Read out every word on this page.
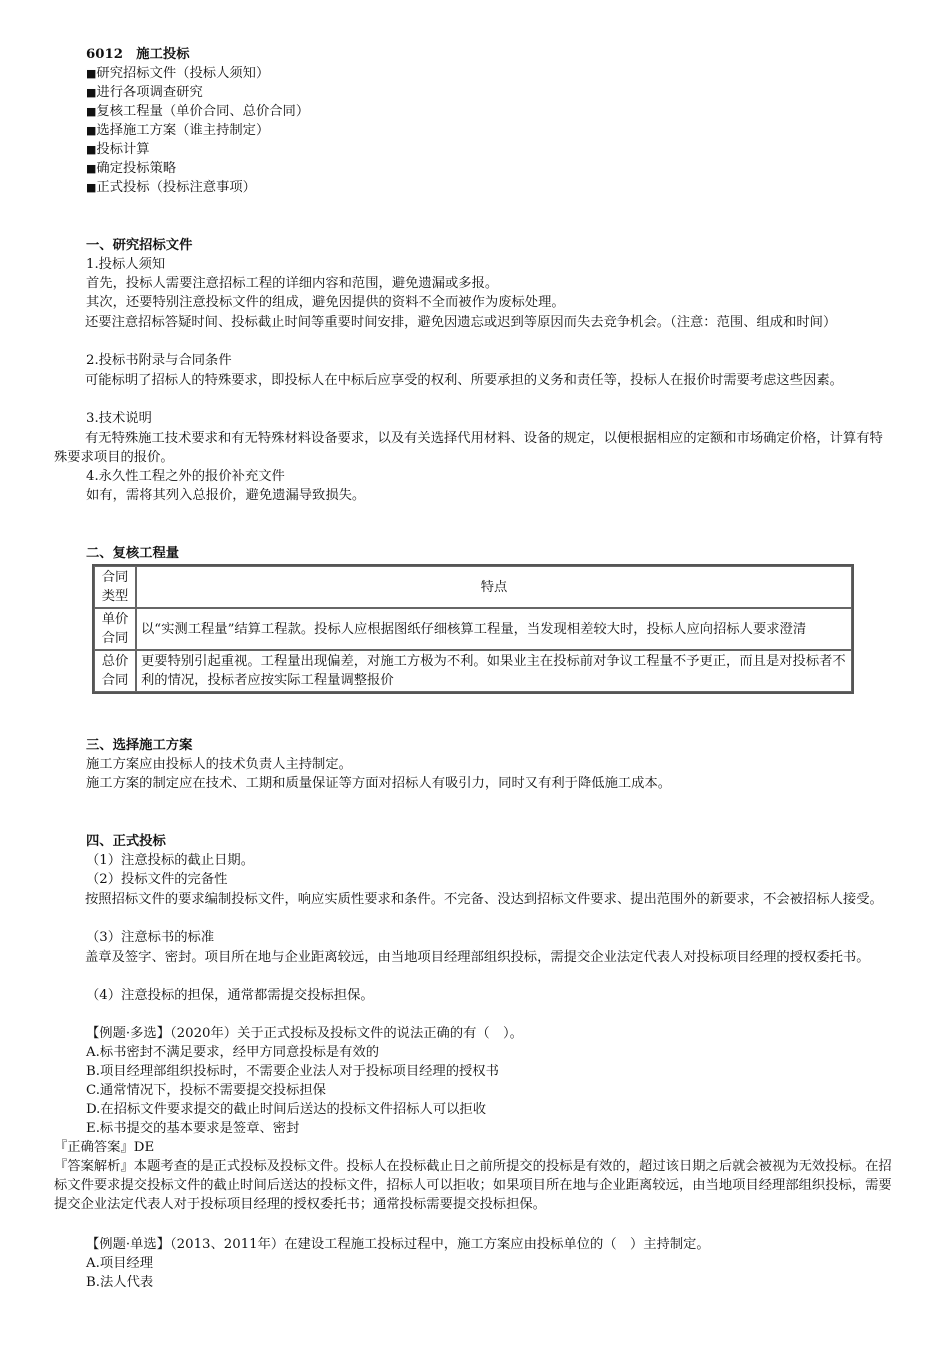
6012　施工投标
■ 研究招标文件（投标人须知）
■ 进行各项调查研究
■ 复核工程量（单价合同、总价合同）
■ 选择施工方案（谁主持制定）
■ 投标计算
■ 确定投标策略
■ 正式投标（投标注意事项）
一、研究招标文件
1.投标人须知
首先，投标人需要注意招标工程的详细内容和范围，避免遗漏或多报。
其次，还要特别注意投标文件的组成，避免因提供的资料不全而被作为废标处理。
还要注意招标答疑时间、投标截止时间等重要时间安排，避免因遗忘或迟到等原因而失去竞争机会。（注意：范围、组成和时间）
2.投标书附录与合同条件
可能标明了招标人的特殊要求，即投标人在中标后应享受的权利、所要承担的义务和责任等，投标人在报价时需要考虑这些因素。
3.技术说明
有无特殊施工技术要求和有无特殊材料设备要求，以及有关选择代用材料、设备的规定，以便根据相应的定额和市场确定价格，计算有特殊要求项目的报价。
4.永久性工程之外的报价补充文件
如有，需将其列入总报价，避免遗漏导致损失。
二、复核工程量
合同类型	特点
单价合同	以“实测工程量”结算工程款。投标人应根据图纸仔细核算工程量，当发现相差较大时，投标人应向招标人要求澄清
总价合同	更要特别引起重视。工程量出现偏差，对施工方极为不利。如果业主在投标前对争议工程量不予更正，而且是对投标者不利的情况，投标者应按实际工程量调整报价
三、选择施工方案
施工方案应由投标人的技术负责人主持制定。
施工方案的制定应在技术、工期和质量保证等方面对招标人有吸引力，同时又有利于降低施工成本。
四、正式投标
（1）注意投标的截止日期。
（2）投标文件的完备性
按照招标文件的要求编制投标文件，响应实质性要求和条件。不完备、没达到招标文件要求、提出范围外的新要求，不会被招标人接受。
（3）注意标书的标准
盖章及签字、密封。项目所在地与企业距离较远，由当地项目经理部组织投标，需提交企业法定代表人对投标项目经理的授权委托书。
（4）注意投标的担保，通常都需提交投标担保。
【例题·多选】（2020年）关于正式投标及投标文件的说法正确的有（　）。
A.标书密封不满足要求，经甲方同意投标是有效的
B.项目经理部组织投标时，不需要企业法人对于投标项目经理的授权书
C.通常情况下，投标不需要提交投标担保
D.在招标文件要求提交的截止时间后送达的投标文件招标人可以拒收
E.标书提交的基本要求是签章、密封
『正确答案』DE
『答案解析』本题考查的是正式投标及投标文件。投标人在投标截止日之前所提交的投标是有效的，超过该日期之后就会被视为无效投标。在招标文件要求提交投标文件的截止时间后送达的投标文件，招标人可以拒收；如果项目所在地与企业距离较远，由当地项目经理部组织投标，需要提交企业法定代表人对于投标项目经理的授权委托书；通常投标需要提交投标担保。
【例题·单选】（2013、2011年）在建设工程施工投标过程中，施工方案应由投标单位的（　）主持制定。
A.项目经理
B.法人代表
